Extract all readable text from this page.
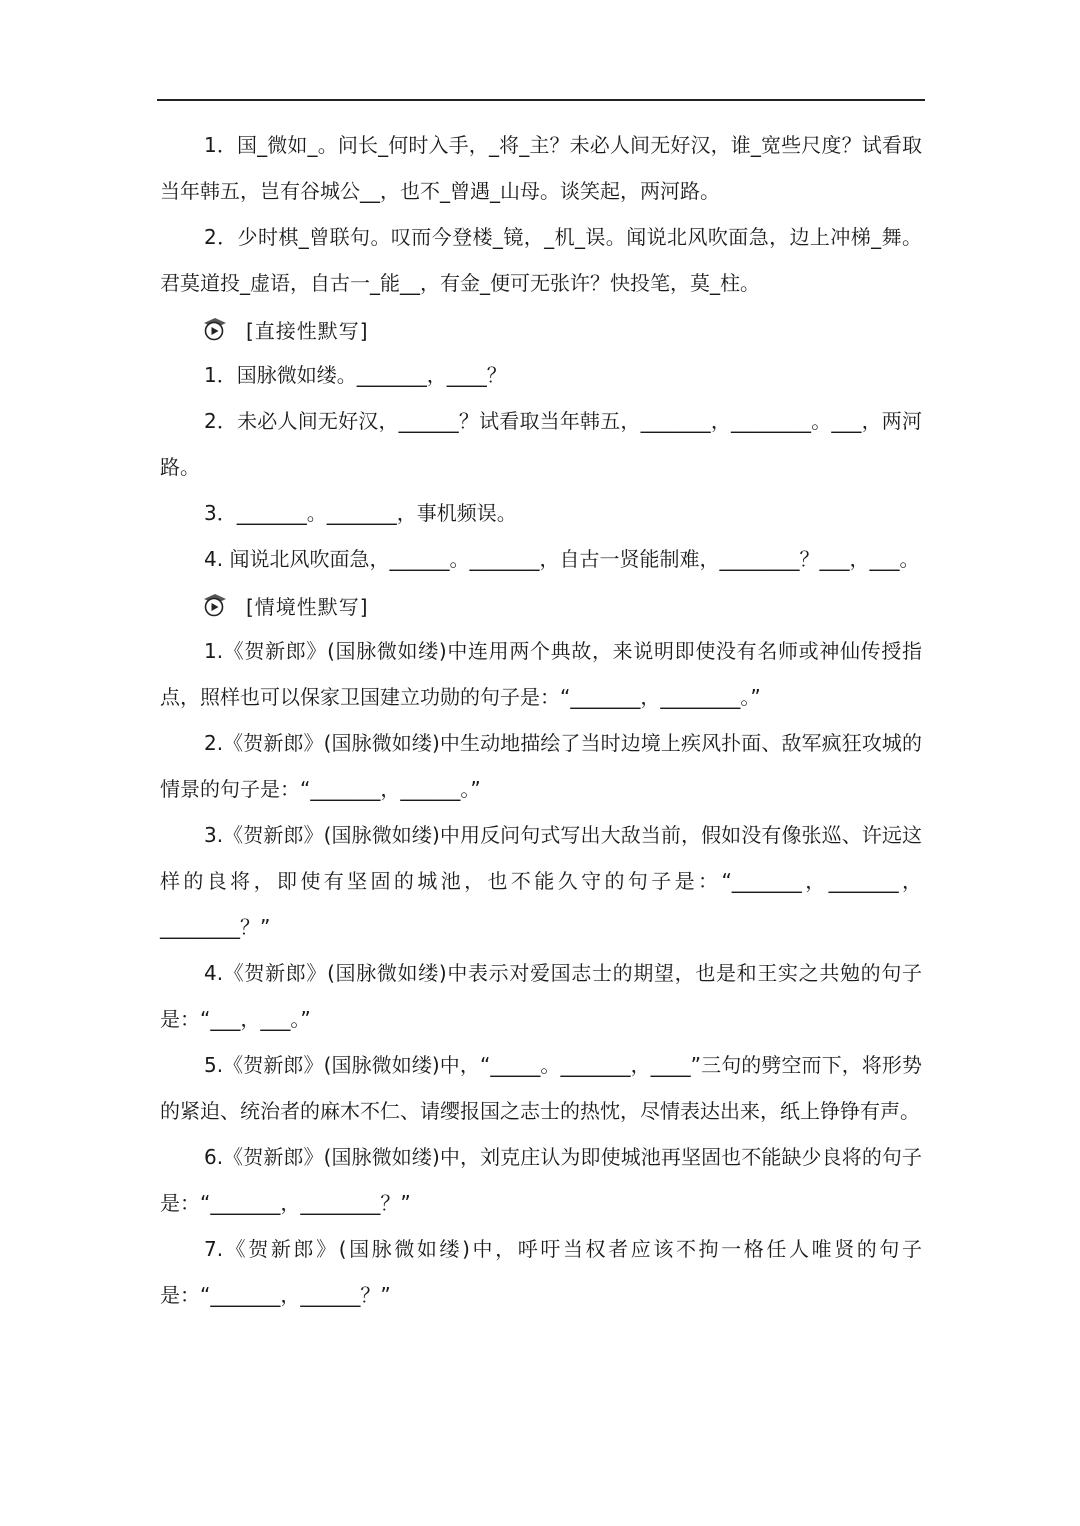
1．国_微如_。问长_何时入手，_将_主？未必人间无好汉，谁_宽些尺度？试看取当年韩五，岂有谷城公__，也不_曾遇_山母。谈笑起，两河路。

2．少时棋_曾联句。叹而今登楼_镜，_机_误。闻说北风吹面急，边上冲梯_舞。君莫道投_虚语，自古一_能__，有金_便可无张许？快投笔，莫_柱。

[直接性默写]

1．国脉微如缕。_______，____？

2．未必人间无好汉，______？试看取当年韩五，_______，________。___，两河路。

3．_______。_______，事机频误。

4. 闻说北风吹面急，______。_______，自古一贤能制难，________？___，___。

[情境性默写]

1.《贺新郎》(国脉微如缕)中连用两个典故，来说明即使没有名师或神仙传授指点，照样也可以保家卫国建立功勋的句子是：“_______，________。”

2.《贺新郎》(国脉微如缕)中生动地描绘了当时边境上疾风扑面、敌军疯狂攻城的情景的句子是：“_______，______。”

3.《贺新郎》(国脉微如缕)中用反问句式写出大敌当前，假如没有像张巡、许远这样的良将，即使有坚固的城池，也不能久守的句子是：“_______，_______，________？”

4.《贺新郎》(国脉微如缕)中表示对爱国志士的期望，也是和王实之共勉的句子是：“___，___。”

5.《贺新郎》(国脉微如缕)中，“_____。_______，____”三句的劈空而下，将形势的紧迫、统治者的麻木不仁、请缨报国之志士的热忱，尽情表达出来，纸上铮铮有声。

6.《贺新郎》(国脉微如缕)中，刘克庄认为即使城池再坚固也不能缺少良将的句子是：“_______，________？”

7.《贺新郎》(国脉微如缕)中，呼吁当权者应该不拘一格任人唯贤的句子是：“_______，______？”
